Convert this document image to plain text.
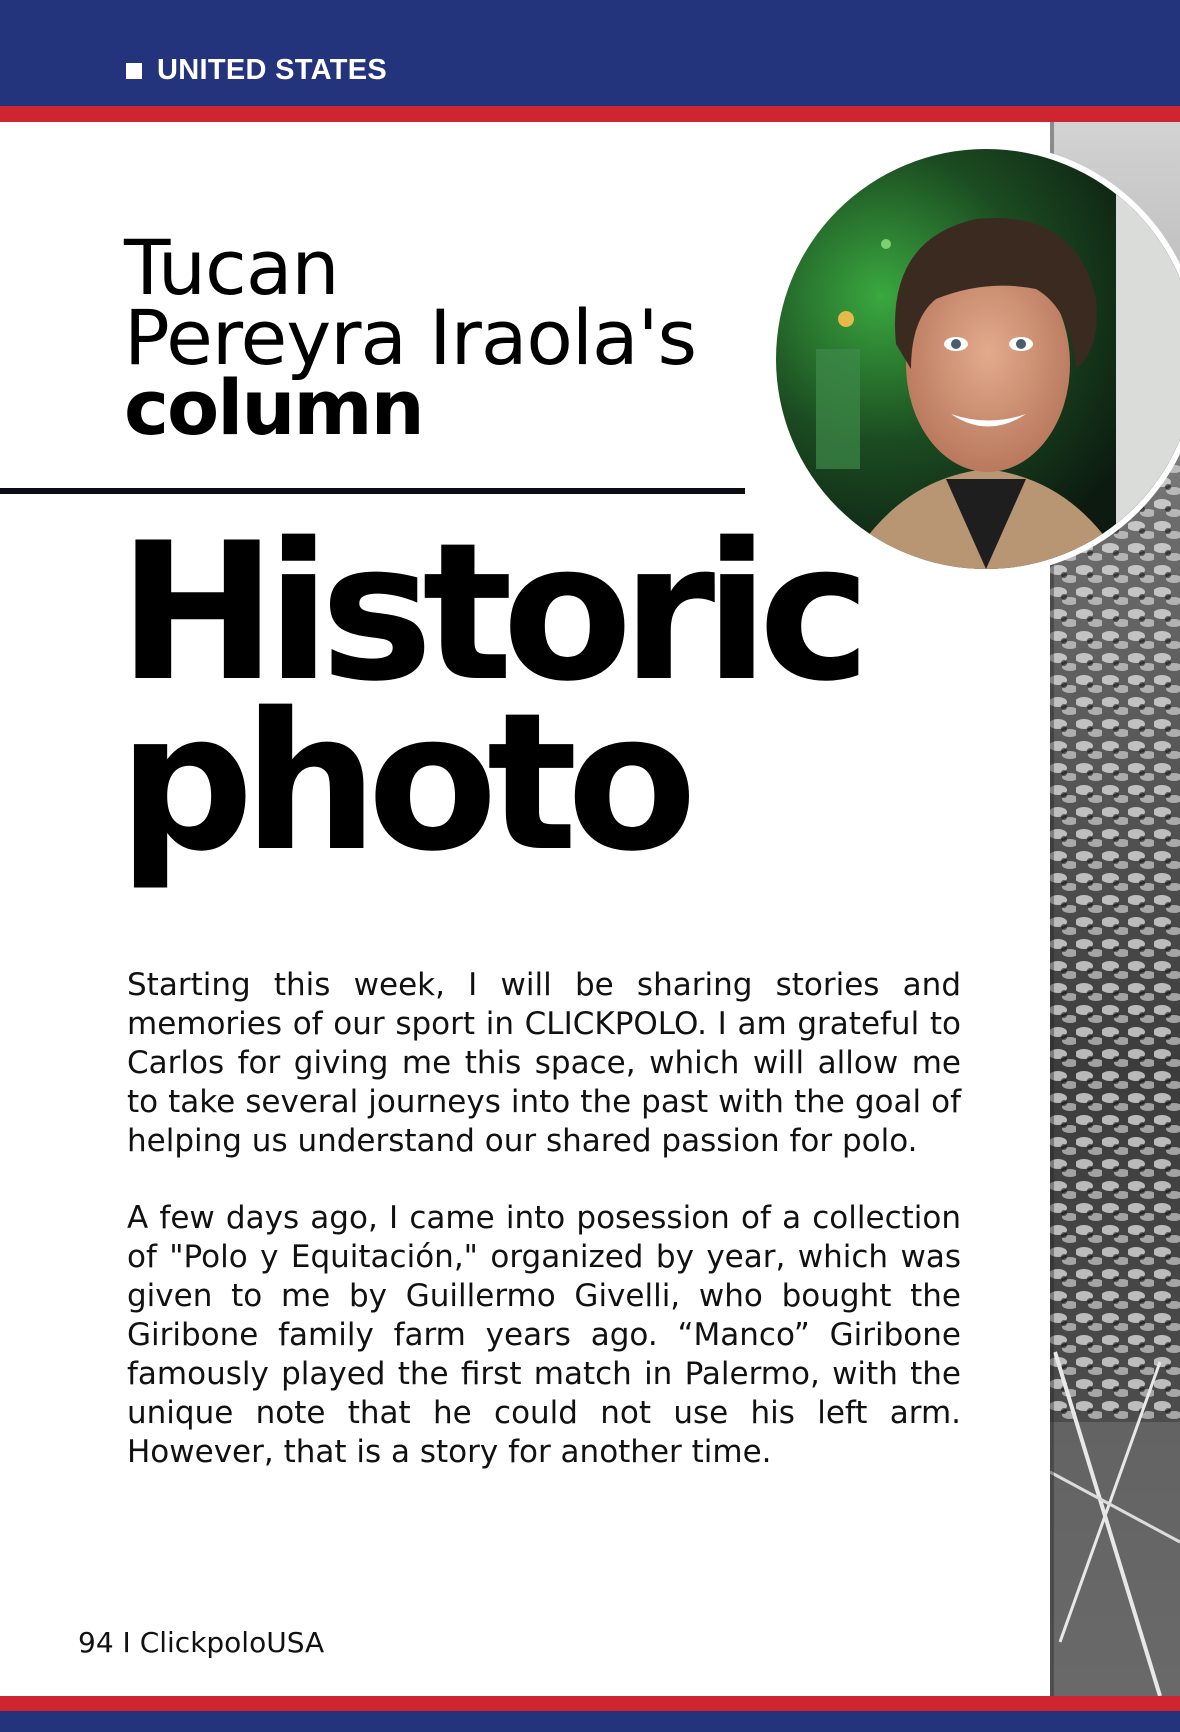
UNITED STATES
Tucan
Pereyra Iraola's
column
Historic
photo

Starting this week, I will be sharing stories and memories of our sport in CLICKPOLO. I am grateful to Carlos for giving me this space, which will allow me to take several journeys into the past with the goal of helping us understand our shared passion for polo.

A few days ago, I came into posession of a collection of "Polo y Equitación," organized by year, which was given to me by Guillermo Givelli, who bought the Giribone family farm years ago. “Manco” Giribone famously played the first match in Palermo, with the unique note that he could not use his left arm. However, that is a story for another time.

94 I ClickpoloUSA
